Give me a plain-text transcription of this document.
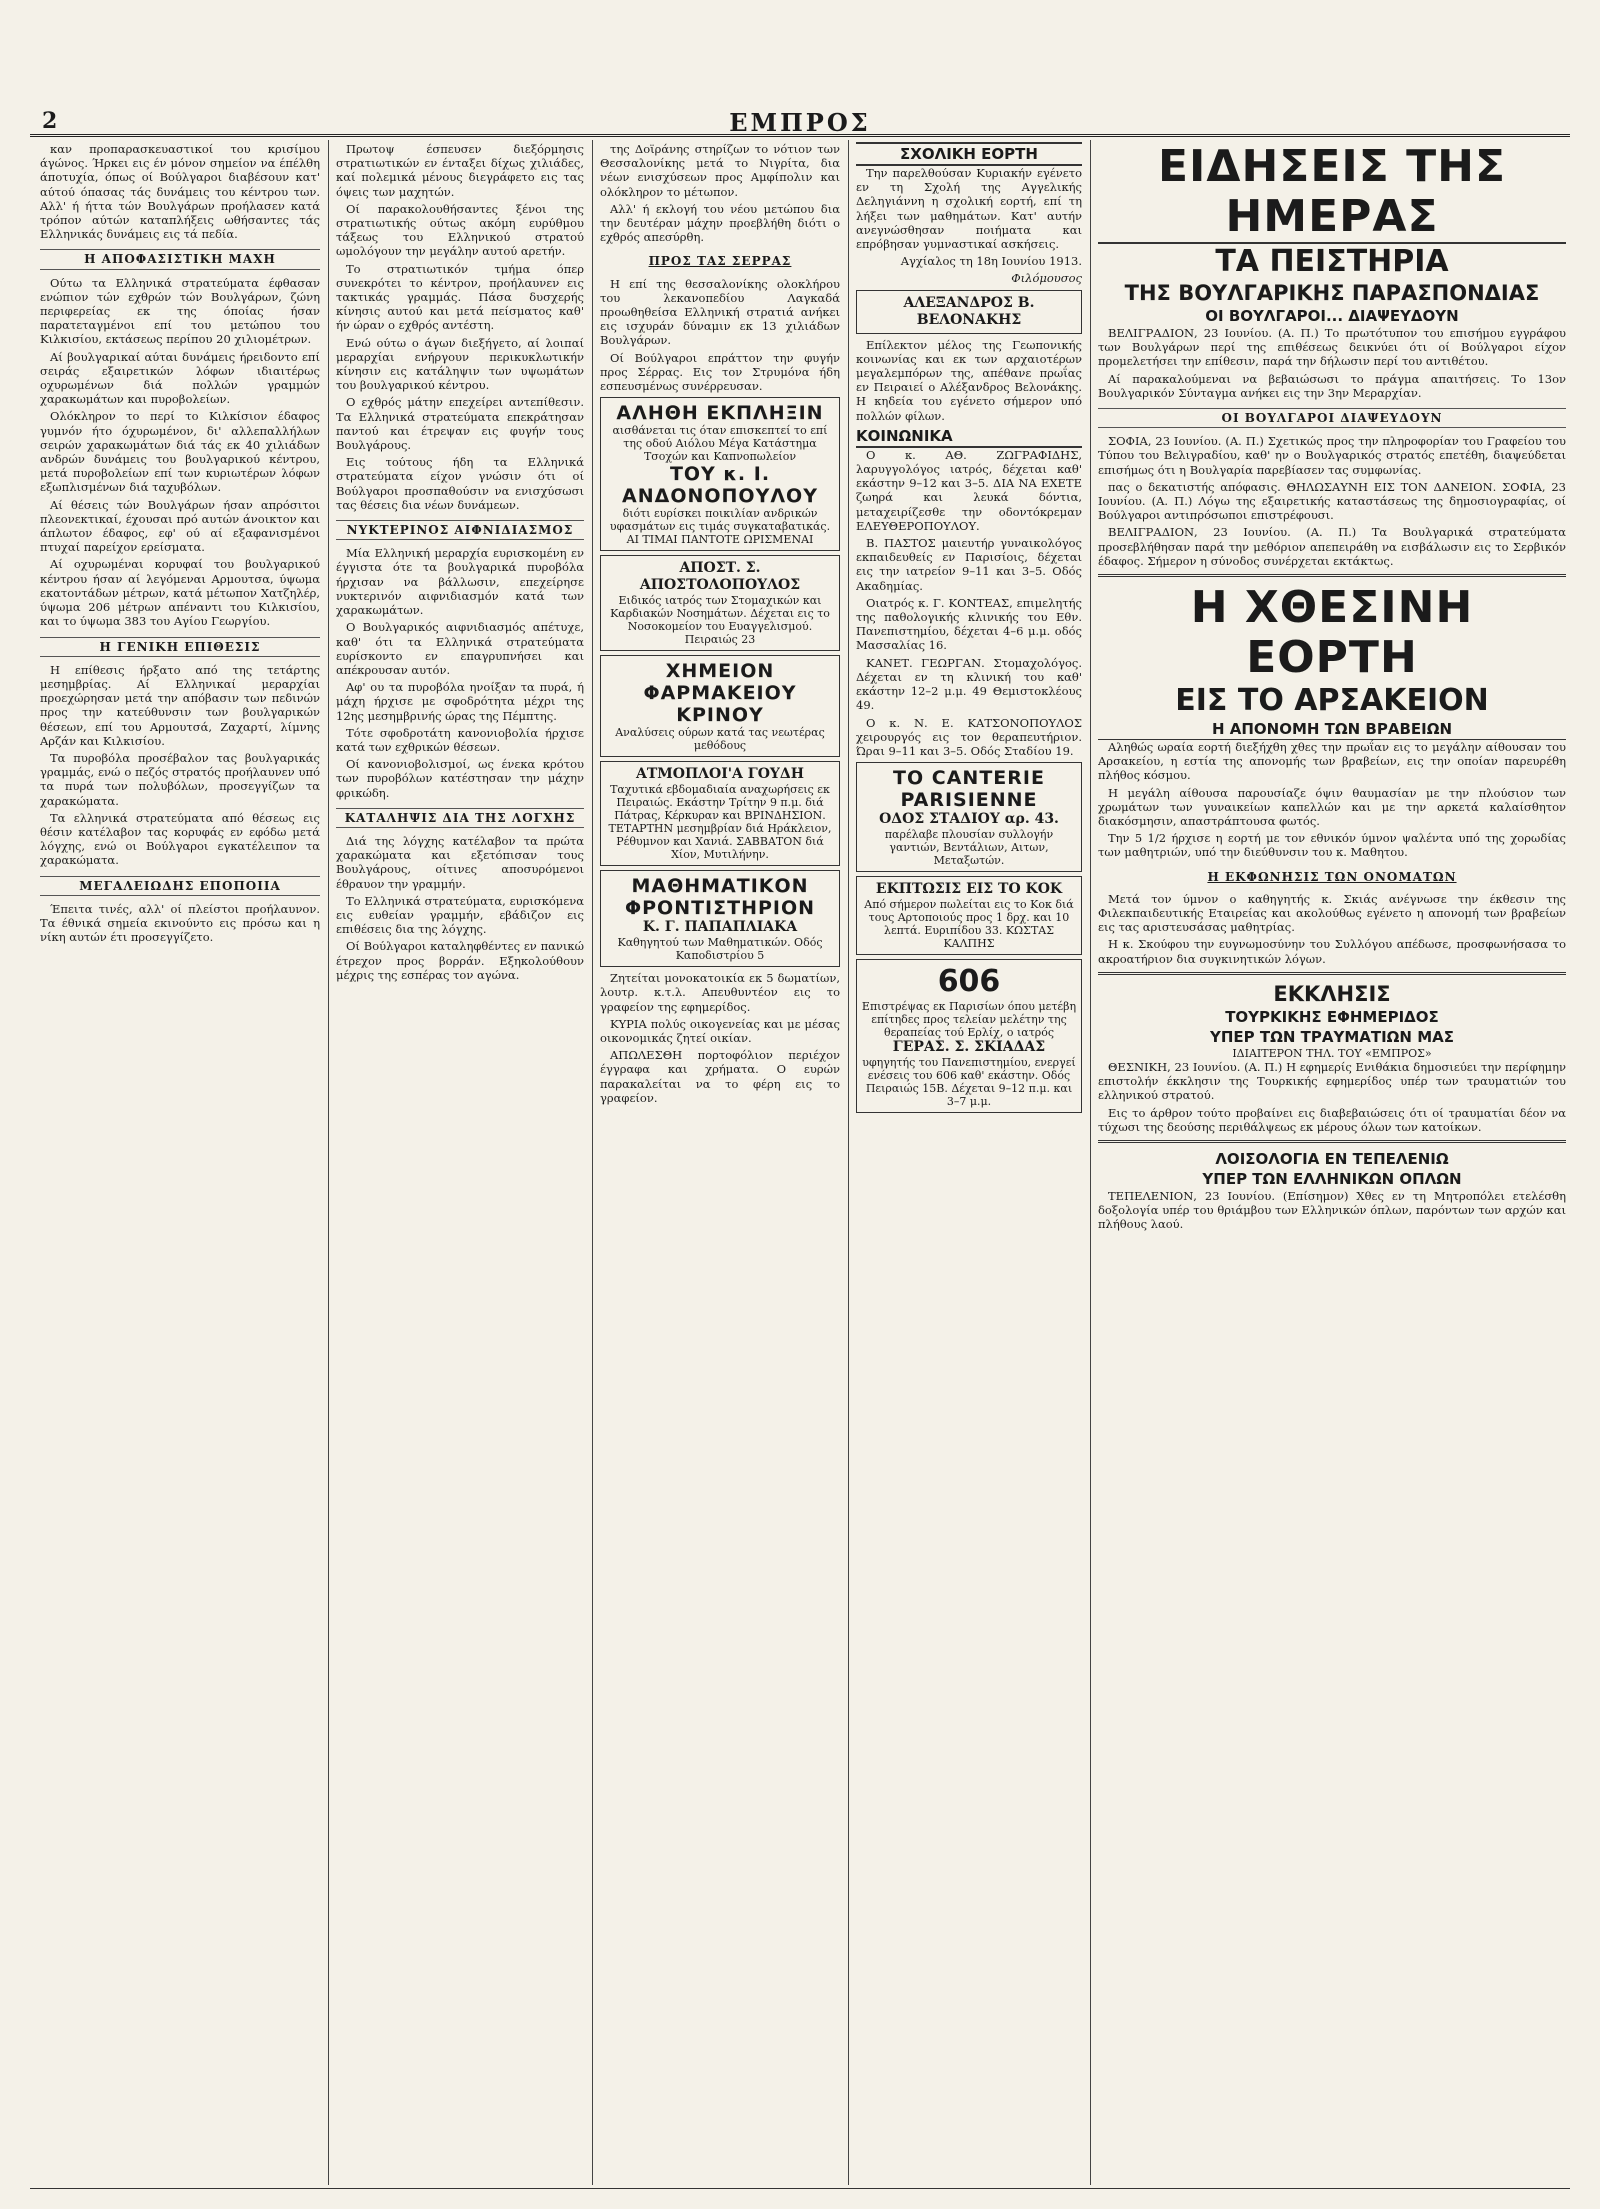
2	ΕΜΠΡΟΣ

καν προπαρασκευαστικοί του κρισίμου άγώνος. Ήρκει εις έν μόνον σημείον να έπέλθη άποτυχία, όπως οί Βούλγαροι διαβέσουν κατ' αύτού όπασας τάς δυνάμεις του κέντρου των. Αλλ' ή ήττα τών Βουλγάρων προήλασεν κατά τρόπον αύτών καταπλήξεις ωθήσαντες τάς Ελληνικάς δυνάμεις εις τά πεδία.

Η ΑΠΟΦΑΣΙΣΤΙΚΗ ΜΑΧΗ

Ούτω τα Ελληνικά στρατεύματα έφθασαν ενώπιον τών εχθρών τών Βουλγάρων, ζώνη περιφερείας εκ της όποίας ήσαν παρατεταγμένοι επί του μετώπου του Κιλκισίου, εκτάσεως περίπου 20 χιλιομέτρων.

Αί βουλγαρικαί αύται δυνάμεις ήρειδοντο επί σειράς εξαιρετικών λόφων ιδιαιτέρως οχυρωμένων διά πολλών γραμμών χαρακωμάτων και πυροβολείων.

Ολόκληρον το περί το Κιλκίσιον έδαφος γυμνόν ήτο όχυρωμένον, δι' αλλεπαλλήλων σειρών χαρακωμάτων διά τάς εκ 40 χιλιάδων ανδρών δυνάμεις του βουλγαρικού κέντρου, μετά πυροβολείων επί των κυριωτέρων λόφων εξωπλισμένων διά ταχυβόλων.

Αί θέσεις τών Βουλγάρων ήσαν απρόσιτοι πλεονεκτικαί, έχουσαι πρό αυτών άνοικτον και άπλωτον έδαφος, εφ' ού αί εξαφανισμένοι πτυχαί παρείχον ερείσματα.

Αί οχυρωμέναι κορυφαί του βουλγαρικού κέντρου ήσαν αί λεγόμεναι Αρμουτσα, ύψωμα εκατοντάδων μέτρων, κατά μέτωπον Χατζηλέρ, ύψωμα 206 μέτρων απέναντι του Κιλκισίου, και το ύψωμα 383 του Αγίου Γεωργίου.

Η ΓΕΝΙΚΗ ΕΠΙΘΕΣΙΣ

Η επίθεσις ήρξατο από της τετάρτης μεσημβρίας. Αί Ελληνικαί μεραρχίαι προεχώρησαν μετά την απόβασιν των πεδινών προς την κατεύθυνσιν των βουλγαρικών θέσεων, επί του Αρμουτσά, Ζαχαρτί, λίμνης Αρζάν και Κιλκισίου.

Τα πυροβόλα προσέβαλον τας βουλγαρικάς γραμμάς, ενώ ο πεζός στρατός προήλαυνεν υπό τα πυρά των πολυβόλων, προσεγγίζων τα χαρακώματα.

Τα ελληνικά στρατεύματα από θέσεως εις θέσιν κατέλαβον τας κορυφάς εν εφόδω μετά λόγχης, ενώ οι Βούλγαροι εγκατέλειπον τα χαρακώματα.

ΜΕΓΑΛΕΙΩΔΗΣ ΕΠΟΠΟΙΙΑ

Έπειτα τινές, αλλ' οί πλείστοι προήλαυνον. Τα έθνικά σημεία εκινούντο εις πρόσω και η νίκη αυτών έτι προσεγγίζετο.

Πρωτοψ έσπευσεν διεξόρμησις στρατιωτικών εν ένταξει δίχως χιλιάδες, καί πολεμικά μένους διεγράφετο εις τας όψεις των μαχητών.

Οί παρακολουθήσαντες ξένοι της στρατιωτικής ούτως ακόμη ευρύθμου τάξεως του Ελληνικού στρατού ωμολόγουν την μεγάλην αυτού αρετήν.

Το στρατιωτικόν τμήμα όπερ συνεκρότει το κέντρον, προήλαυνεν εις τακτικάς γραμμάς. Πάσα δυσχερής κίνησις αυτού και μετά πείσματος καθ' ήν ώραν ο εχθρός αντέστη.

Ενώ ούτω ο άγων διεξήγετο, αί λοιπαί μεραρχίαι ενήργουν περικυκλωτικήν κίνησιν εις κατάληψιν των υψωμάτων του βουλγαρικού κέντρου.

Ο εχθρός μάτην επεχείρει αντεπίθεσιν. Τα Ελληνικά στρατεύματα επεκράτησαν παντού και έτρεψαν εις φυγήν τους Βουλγάρους.

Εις τούτους ήδη τα Ελληνικά στρατεύματα είχον γνώσιν ότι οί Βούλγαροι προσπαθούσιν να ενισχύσωσι τας θέσεις δια νέων δυνάμεων.

ΝΥΚΤΕΡΙΝΟΣ ΑΙΦΝΙΔΙΑΣΜΟΣ

Μία Ελληνική μεραρχία ευρισκομένη εν έγγιστα ότε τα βουλγαρικά πυροβόλα ήρχισαν να βάλλωσιν, επεχείρησε νυκτερινόν αιφνιδιασμόν κατά των χαρακωμάτων.

Ο Βουλγαρικός αιφνιδιασμός απέτυχε, καθ' ότι τα Ελληνικά στρατεύματα ευρίσκοντο εν επαγρυπνήσει και απέκρουσαν αυτόν.

Αφ' ου τα πυροβόλα ηνοίξαν τα πυρά, ή μάχη ήρχισε με σφοδρότητα μέχρι της 12ης μεσημβρινής ώρας της Πέμπτης.

Τότε σφοδροτάτη κανονιοβολία ήρχισε κατά των εχθρικών θέσεων.

Οί κανονιοβολισμοί, ως ένεκα κρότου των πυροβόλων κατέστησαν την μάχην φρικώδη.

ΚΑΤΑΛΗΨΙΣ ΔΙΑ ΤΗΣ ΛΟΓΧΗΣ

Διά της λόγχης κατέλαβον τα πρώτα χαρακώματα και εξετόπισαν τους Βουλγάρους, οίτινες αποσυρόμενοι έθραυον την γραμμήν.

Το Ελληνικά στρατεύματα, ευρισκόμενα εις ευθείαν γραμμήν, εβάδιζον εις επιθέσεις δια της λόγχης.

Οί Βούλγαροι καταληφθέντες εν πανικώ έτρεχον προς βορράν. Εξηκολούθουν μέχρις της εσπέρας τον αγώνα.

της Δοϊράνης στηρίζων το νότιον των Θεσσαλονίκης μετά το Νιγρίτα, δια νέων ενισχύσεων προς Αμφίπολιν και ολόκληρον το μέτωπον.

Αλλ' ή εκλογή του νέου μετώπου δια την δευτέραν μάχην προεβλήθη διότι ο εχθρός απεσύρθη.

ΠΡΟΣ ΤΑΣ ΣΕΡΡΑΣ

Η επί της θεσσαλονίκης ολοκλήρου του λεκανοπεδίου Λαγκαδά προωθηθείσα Ελληνική στρατιά ανήκει εις ισχυράν δύναμιν εκ 13 χιλιάδων Βουλγάρων.

Οί Βούλγαροι επράττον την φυγήν προς Σέρρας. Εις τον Στρυμόνα ήδη εσπευσμένως συνέρρευσαν.

ΑΛΗΘΗ ΕΚΠΛΗΞΙΝ
αισθάνεται τις όταν επισκεπτεί το επί της οδού Αιόλου Μέγα Κατάστημα Τσοχών και Καπνοπωλείον
ΤΟΥ κ. Ι. ΑΝΔΟΝΟΠΟΥΛΟΥ
διότι ευρίσκει ποικιλίαν ανδρικών υφασμάτων εις τιμάς συγκαταβατικάς. ΑΙ ΤΙΜΑΙ ΠΑΝΤΟΤΕ ΩΡΙΣΜΕΝΑΙ
ΑΠΟΣΤ. Σ. ΑΠΟΣΤΟΛΟΠΟΥΛΟΣ
Ειδικός ιατρός των Στομαχικών και Καρδιακών Νοσημάτων. Δέχεται εις το Νοσοκομείον του Ευαγγελισμού. Πειραιώς 23
ΧΗΜΕΙΟΝ ΦΑΡΜΑΚΕΙΟΥ ΚΡΙΝΟΥ
Αναλύσεις ούρων κατά τας νεωτέρας μεθόδους
ΑΤΜΟΠΛΟΙ'Α ΓΟΥΔΗ
Ταχυτικά εβδομαδιαία αναχωρήσεις εκ Πειραιώς. Εκάστην Τρίτην 9 π.μ. διά Πάτρας, Κέρκυραν και ΒΡΙΝΔΗΣΙΟΝ. ΤΕΤΑΡΤΗΝ μεσημβρίαν διά Ηράκλειον, Ρέθυμνον και Χανιά. ΣΑΒΒΑΤΟΝ διά Χίον, Μυτιλήνην.
ΜΑΘΗΜΑΤΙΚΟΝ ΦΡΟΝΤΙΣΤΗΡΙΟΝ
Κ. Γ. ΠΑΠΑΠΛΙΑΚΑ
Καθηγητού των Μαθηματικών. Οδός Καποδιστρίου 5

Ζητείται μονοκατοικία εκ 5 δωματίων, λουτρ. κ.τ.λ. Απευθυντέον εις το γραφείον της εφημερίδος.

ΚΥΡΙΑ πολύς οικογενείας και με μέσας οικονομικάς ζητεί οικίαν.

ΑΠΩΛΕΣΘΗ πορτοφόλιον περιέχον έγγραφα και χρήματα. Ο ευρών παρακαλείται να το φέρη εις το γραφείον.

ΣΧΟΛΙΚΗ ΕΟΡΤΗ

Την παρελθούσαν Κυριακήν εγένετο εν τη Σχολή της Αγγελικής Δεληγιάννη η σχολική εορτή, επί τη λήξει των μαθημάτων. Κατ' αυτήν ανεγνώσθησαν ποιήματα και επρόβησαν γυμναστικαί ασκήσεις.

Αγχίαλος τη 18η Ιουνίου 1913.

Φιλόμουσος

ΑΛΕΞΑΝΔΡΟΣ Β. ΒΕΛΟΝΑΚΗΣ

Επίλεκτον μέλος της Γεωπονικής κοινωνίας και εκ των αρχαιοτέρων μεγαλεμπόρων της, απέθανε πρωΐας εν Πειραιεί ο Αλέξανδρος Βελονάκης. Η κηδεία του εγένετο σήμερον υπό πολλών φίλων.

ΚΟΙΝΩΝΙΚΑ

Ο κ. ΑΘ. ΖΩΓΡΑΦΙΔΗΣ, λαρυγγολόγος ιατρός, δέχεται καθ' εκάστην 9–12 και 3–5. ΔΙΑ ΝΑ ΕΧΕΤΕ ζωηρά και λευκά δόντια, μεταχειρίζεσθε την οδοντόκρεμαν ΕΛΕΥΘΕΡΟΠΟΥΛΟΥ.

Β. ΠΑΣΤΟΣ μαιευτήρ γυναικολόγος εκπαιδευθείς εν Παρισίοις, δέχεται εις την ιατρείον 9–11 και 3–5. Οδός Ακαδημίας.

Οιατρός κ. Γ. ΚΟΝΤΕΑΣ, επιμελητής της παθολογικής κλινικής του Εθν. Πανεπιστημίου, δέχεται 4–6 μ.μ. οδός Μασσαλίας 16.

ΚΑΝΕΤ. ΓΕΩΡΓΑΝ. Στομαχολόγος. Δέχεται εν τη κλινική του καθ' εκάστην 12–2 μ.μ. 49 Θεμιστοκλέους 49.

Ο κ. Ν. Ε. ΚΑΤΣΟΝΟΠΟΥΛΟΣ χειρουργός εις τον θεραπευτήριον. Ώραι 9–11 και 3–5. Οδός Σταδίου 19.

ΤΟ CANTERIE PARISIENNE
ΟΔΟΣ ΣΤΑΔΙΟΥ αρ. 43.
παρέλαβε πλουσίαν συλλογήν γαντιών, Βεντάλιων, Αιτων, Μεταξωτών.
ΕΚΠΤΩΣΙΣ ΕΙΣ ΤΟ ΚΟΚ
Από σήμερον πωλείται εις το Κοκ διά τους Αρτοποιούς προς 1 δρχ. και 10 λεπτά. Ευριπίδου 33. ΚΩΣΤΑΣ ΚΑΛΠΗΣ
606
Επιστρέψας εκ Παρισίων όπου μετέβη επίτηδες προς τελείαν μελέτην της θεραπείας τού Ερλίχ, ο ιατρός
ΓΕΡΑΣ. Σ. ΣΚΙΑΔΑΣ
υφηγητής του Πανεπιστημίου, ενεργεί ενέσεις του 606 καθ' εκάστην. Οδός Πειραιώς 15Β. Δέχεται 9–12 π.μ. και 3–7 μ.μ.
ΕΙΔΗΣΕΙΣ ΤΗΣ ΗΜΕΡΑΣ
ΤΑ ΠΕΙΣΤΗΡΙΑ
ΤΗΣ ΒΟΥΛΓΑΡΙΚΗΣ ΠΑΡΑΣΠΟΝΔΙΑΣ
ΟΙ ΒΟΥΛΓΑΡΟΙ... ΔΙΑΨΕΥΔΟΥΝ

ΒΕΛΙΓΡΑΔΙΟΝ, 23 Ιουνίου. (Α. Π.) Το πρωτότυπον του επισήμου εγγράφου των Βουλγάρων περί της επιθέσεως δεικνύει ότι οί Βούλγαροι είχον προμελετήσει την επίθεσιν, παρά την δήλωσιν περί του αντιθέτου.

Αί παρακαλούμεναι να βεβαιώσωσι το πράγμα απαιτήσεις. Το 13ον Βουλγαρικόν Σύνταγμα ανήκει εις την 3ην Μεραρχίαν.

ΟΙ ΒΟΥΛΓΑΡΟΙ ΔΙΑΨΕΥΔΟΥΝ

ΣΟΦΙΑ, 23 Ιουνίου. (Α. Π.) Σχετικώς προς την πληροφορίαν του Γραφείου του Τύπου του Βελιγραδίου, καθ' ην ο Βουλγαρικός στρατός επετέθη, διαψεύδεται επισήμως ότι η Βουλγαρία παρεβίασεν τας συμφωνίας.

πας ο δεκατιστής απόφασις. ΘΗΛΩΣΑΥΝΗ ΕΙΣ ΤΟΝ ΔΑΝΕΙΟΝ. ΣΟΦΙΑ, 23 Ιουνίου. (Α. Π.) Λόγω της εξαιρετικής καταστάσεως της δημοσιογραφίας, οί Βούλγαροι αντιπρόσωποι επιστρέφουσι.

ΒΕΛΙΓΡΑΔΙΟΝ, 23 Ιουνίου. (Α. Π.) Τα Βουλγαρικά στρατεύματα προσεβλήθησαν παρά την μεθόριον απεπειράθη να εισβάλωσιν εις το Σερβικόν έδαφος. Σήμερον η σύνοδος συνέρχεται εκτάκτως.

Η ΧΘΕΣΙΝΗ ΕΟΡΤΗ
ΕΙΣ ΤΟ ΑΡΣΑΚΕΙΟΝ
Η ΑΠΟΝΟΜΗ ΤΩΝ ΒΡΑΒΕΙΩΝ

Αληθώς ωραία εορτή διεξήχθη χθες την πρωΐαν εις το μεγάλην αίθουσαν του Αρσακείου, η εστία της απονομής των βραβείων, εις την οποίαν παρευρέθη πλήθος κόσμου.

Η μεγάλη αίθουσα παρουσίαζε όψιν θαυμασίαν με την πλούσιον των χρωμάτων των γυναικείων καπελλών και με την αρκετά καλαίσθητον διακόσμησιν, απαστράπτουσα φωτός.

Την 5 1/2 ήρχισε η εορτή με τον εθνικόν ύμνον ψαλέντα υπό της χορωδίας των μαθητριών, υπό την διεύθυνσιν του κ. Μαθητου.

Η ΕΚΦΩΝΗΣΙΣ ΤΩΝ ΟΝΟΜΑΤΩΝ

Μετά τον ύμνον ο καθηγητής κ. Σκιάς ανέγνωσε την έκθεσιν της Φιλεκπαιδευτικής Εταιρείας και ακολούθως εγένετο η απονομή των βραβείων εις τας αριστευσάσας μαθητρίας.

Η κ. Σκούφου την ευγνωμοσύνην του Συλλόγου απέδωσε, προσφωνήσασα το ακροατήριον δια συγκινητικών λόγων.

ΕΚΚΛΗΣΙΣ
ΤΟΥΡΚΙΚΗΣ ΕΦΗΜΕΡΙΔΟΣ
ΥΠΕΡ ΤΩΝ ΤΡΑΥΜΑΤΙΩΝ ΜΑΣ
ΙΔΙΑΙΤΕΡΟΝ ΤΗΛ. ΤΟΥ «ΕΜΠΡΟΣ»

ΘΕΣΝΙΚΗ, 23 Ιουνίου. (Α. Π.) Η εφημερίς Ενιθάκια δημοσιεύει την περίφημην επιστολήν έκκλησιν της Τουρκικής εφημερίδος υπέρ των τραυματιών του ελληνικού στρατού.

Εις το άρθρον τούτο προβαίνει εις διαβεβαιώσεις ότι οί τραυματίαι δέον να τύχωσι της δεούσης περιθάλψεως εκ μέρους όλων των κατοίκων.

ΛΟΙΣΟΛΟΓΙΑ ΕΝ ΤΕΠΕΛΕΝΙΩ
ΥΠΕΡ ΤΩΝ ΕΛΛΗΝΙΚΩΝ ΟΠΛΩΝ

ΤΕΠΕΛΕΝΙΟΝ, 23 Ιουνίου. (Επίσημον) Χθες εν τη Μητροπόλει ετελέσθη δοξολογία υπέρ του θριάμβου των Ελληνικών όπλων, παρόντων των αρχών και πλήθους λαού.
